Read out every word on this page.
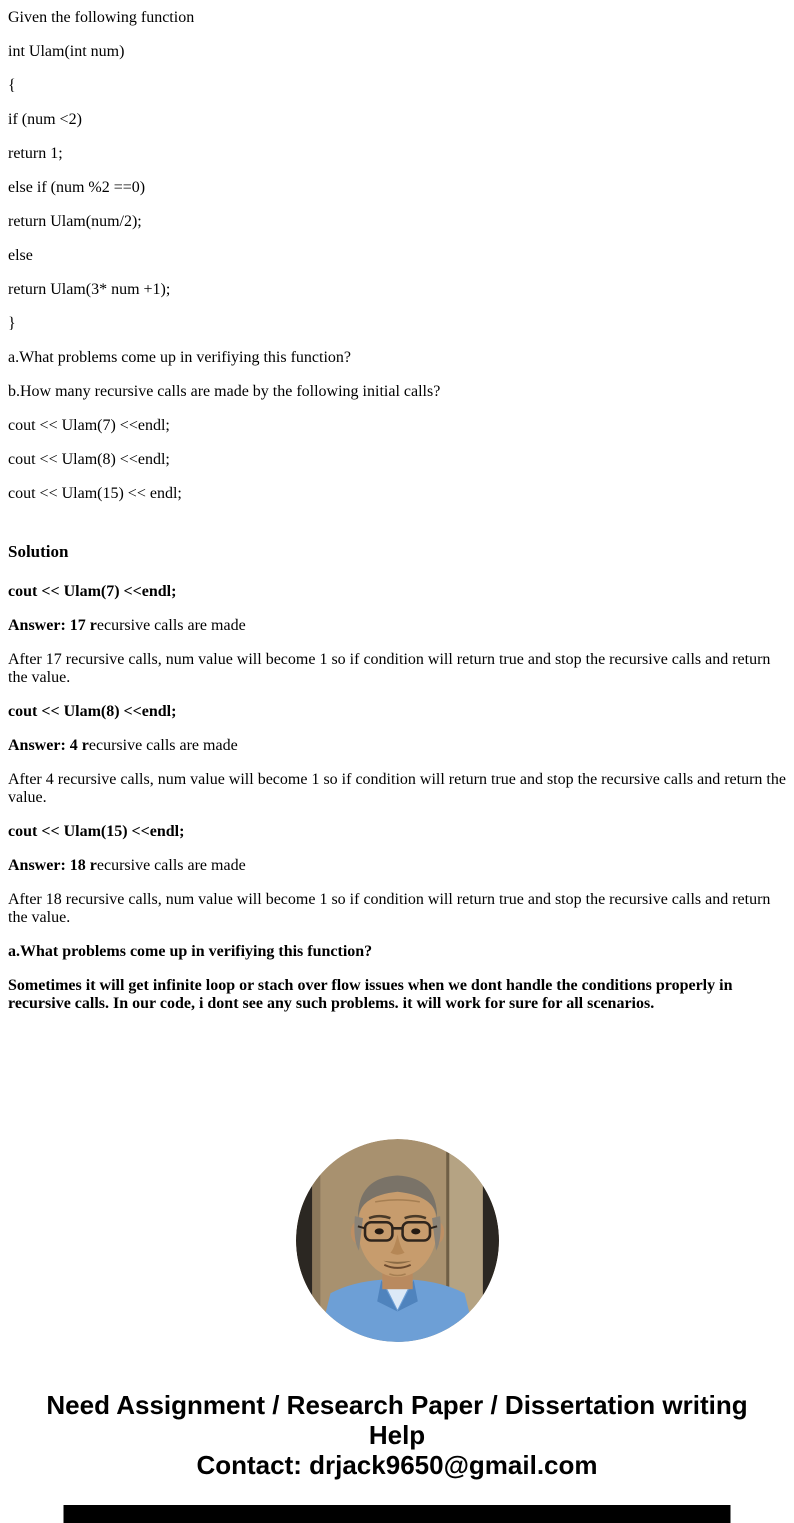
Given the following function

int Ulam(int num)

{

if (num <2)

return 1;

else if (num %2 ==0)

return Ulam(num/2);

else

return Ulam(3* num +1);

}

a.What problems come up in verifiying this function?

b.How many recursive calls are made by the following initial calls?

cout << Ulam(7) <<endl;

cout << Ulam(8) <<endl;

cout << Ulam(15) << endl;

Solution

cout << Ulam(7) <<endl;

Answer: 17 recursive calls are made

After 17 recursive calls, num value will become 1 so if condition will return true and stop the recursive calls and return the value.

cout << Ulam(8) <<endl;

Answer: 4 recursive calls are made

After 4 recursive calls, num value will become 1 so if condition will return true and stop the recursive calls and return the value.

cout << Ulam(15) <<endl;

Answer: 18 recursive calls are made

After 18 recursive calls, num value will become 1 so if condition will return true and stop the recursive calls and return the value.

a.What problems come up in verifiying this function?

Sometimes it will get infinite loop or stach over flow issues when we dont handle the conditions properly in recursive calls. In our code, i dont see any such problems. it will work for sure for all scenarios.

Need Assignment / Research Paper / Dissertation writing Help

Contact: drjack9650@gmail.com
